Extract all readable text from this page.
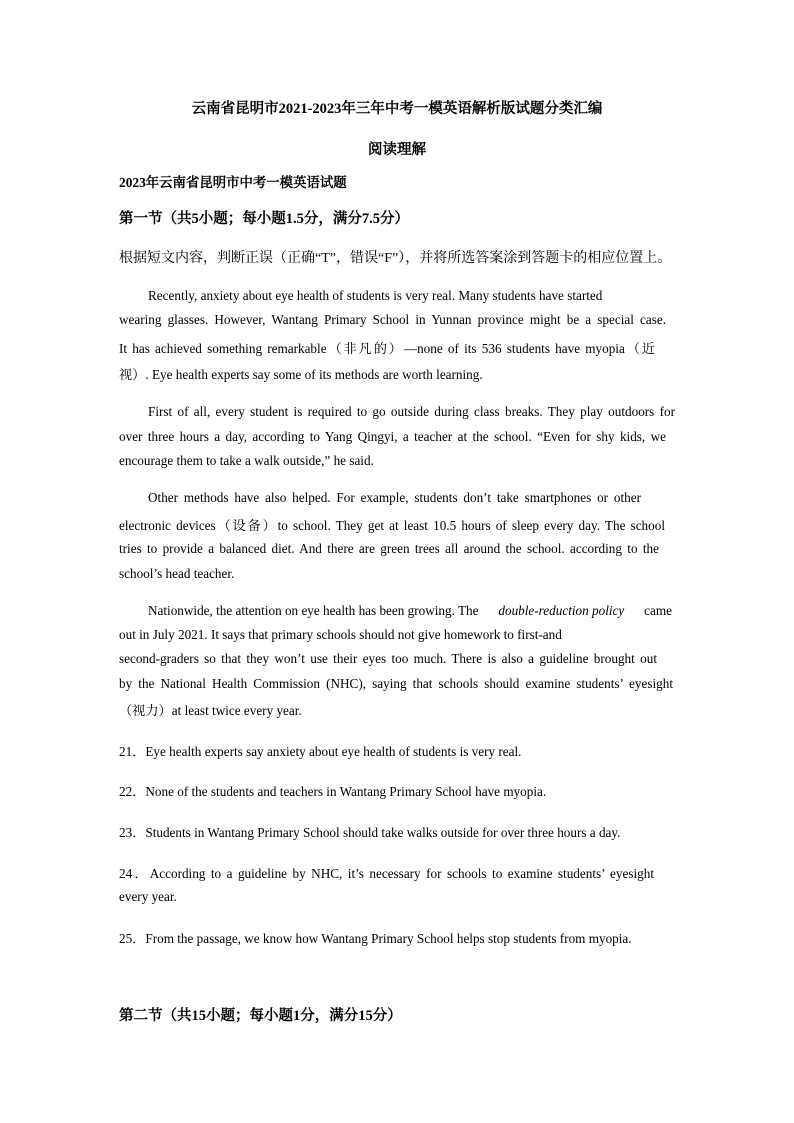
云南省昆明市2021-2023年三年中考一模英语解析版试题分类汇编
阅读理解
2023年云南省昆明市中考一模英语试题
第一节（共5小题；每小题1.5分，满分7.5分）
根据短文内容，判断正误（正确“T”，错误“F”），并将所选答案涂到答题卡的相应位置上。
Recently, anxiety about eye health of students is very real. Many students have started
wearing glasses. However, Wantang Primary School in Yunnan province might be a special case.
It has achieved something remarkable（非凡的）—none of its 536 students have myopia（近
视）. Eye health experts say some of its methods are worth learning.
First of all, every student is required to go outside during class breaks. They play outdoors for
over three hours a day, according to Yang Qingyi, a teacher at the school. “Even for shy kids, we
encourage them to take a walk outside,” he said.
Other methods have also helped. For example, students don’t take smartphones or other
electronic devices（设备）to school. They get at least 10.5 hours of sleep every day. The school
tries to provide a balanced diet. And there are green trees all around the school. according to the
school’s head teacher.
Nationwide, the attention on eye health has been growing. The double-reduction policy came
out in July 2021. It says that primary schools should not give homework to first-and
second-graders so that they won’t use their eyes too much. There is also a guideline brought out
by the National Health Commission (NHC), saying that schools should examine students’ eyesight
（视力）at least twice every year.
21．Eye health experts say anxiety about eye health of students is very real.
22．None of the students and teachers in Wantang Primary School have myopia.
23．Students in Wantang Primary School should take walks outside for over three hours a day.
24．According to a guideline by NHC, it’s necessary for schools to examine students’ eyesight
every year.
25．From the passage, we know how Wantang Primary School helps stop students from myopia.
第二节（共15小题；每小题1分，满分15分）
